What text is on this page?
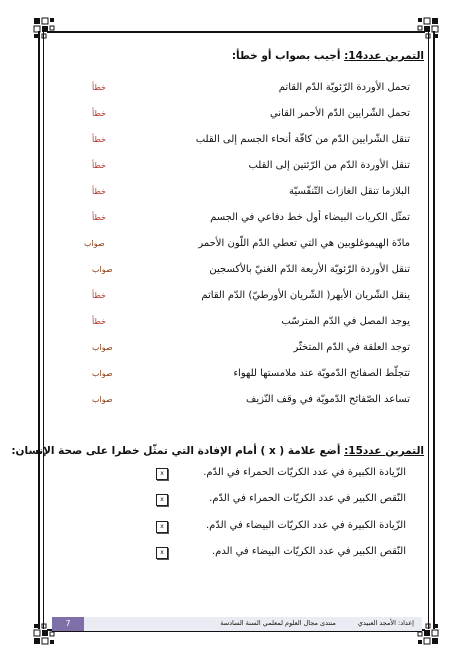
التمرين عدد14: أجيب بصواب أو خطأ:
تحمل الأوردة الرّئويّة الدّم القاتم
خطأ
تحمل الشّرايين الدّم الأحمر القاني
خطأ
تنقل الشّرايين الدّم من كافّة أنحاء الجسم إلى القلب
خطأ
تنقل الأوردة الدّم من الرّئتين إلى القلب
خطأ
البلازما تنقل الغازات التّنفّسيّة
خطأ
تمثّل الكريات البيضاء أول خط دفاعي في الجسم
خطأ
مادّة الهيموغلوبين هي التي تعطي الدّم اللّون الأحمر
صواب
تنقل الأوردة الرّئويّة الأربعة الدّم الغنيّ بالأكسجين
صواب
ينقل الشّريان الأبهر( الشّريان الأورطيّ) الدّم القاتم
خطأ
يوجد المصل في الدّم المترسّب
خطأ
توجد العلقة في الدّم المتخثّر
صواب
تتجلّط الصفائح الدّمويّة عند ملامستها للهواء
صواب
تساعد الصّفائح الدّمويّة في وقف النّزيف
صواب
التمرين عدد15: أضع علامة ( x ) أمام الإفادة التي تمثّل خطرا على صحة الإنسان:
الزّيادة الكبيرة في عدد الكريّات الحمراء في الدّم.
x
النّقص الكبير في عدد الكريّات الحمراء في الدّم.
x
الزّيادة الكبيرة في عدد الكريّات البيضاء في الدّم.
x
النّقص الكبير في عدد الكريّات البيضاء في الدم.
x
7	إعداد: الأمجد العبيديمنتدى مجال العلوم لمعلمي السنة السادسة
